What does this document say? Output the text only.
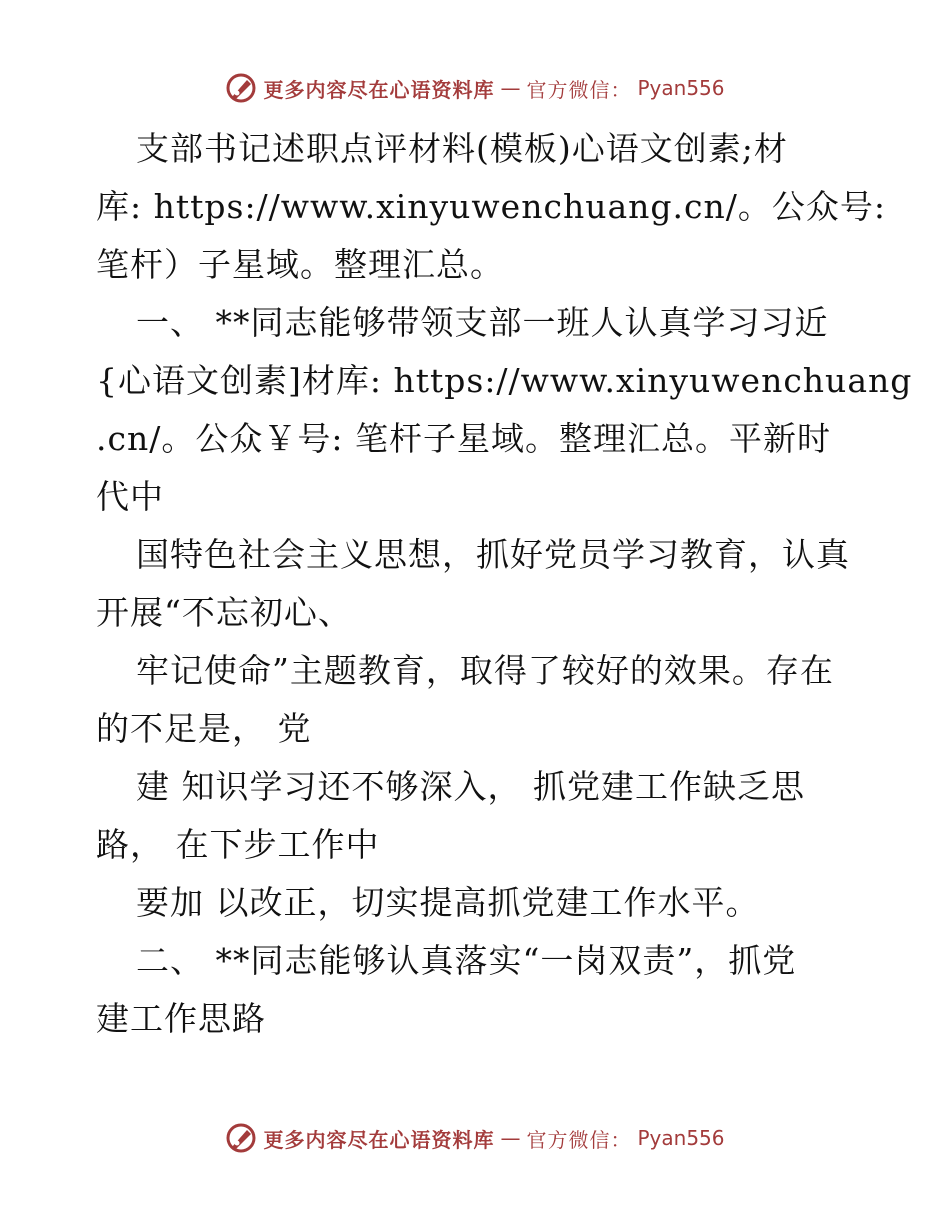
更多内容尽在心语资料库 — 官方微信： Pyan556
支部书记述职点评材料(模板)心语文创素;材
库: https://www.xinyuwenchuang.cn/。公众号:
笔杆）子星域。整理汇总。
一、 **同志能够带领支部一班人认真学习习近
{心语文创素]材库: https://www.xinyuwenchuang
.cn/。公众￥号: 笔杆子星域。整理汇总。平新时
代中
国特色社会主义思想，抓好党员学习教育，认真
开展“不忘初心、
牢记使命”主题教育，取得了较好的效果。存在
的不足是， 党
建 知识学习还不够深入， 抓党建工作缺乏思
路， 在下步工作中
要加 以改正，切实提高抓党建工作水平。
二、 **同志能够认真落实“一岗双责”，抓党
建工作思路
更多内容尽在心语资料库 — 官方微信： Pyan556
